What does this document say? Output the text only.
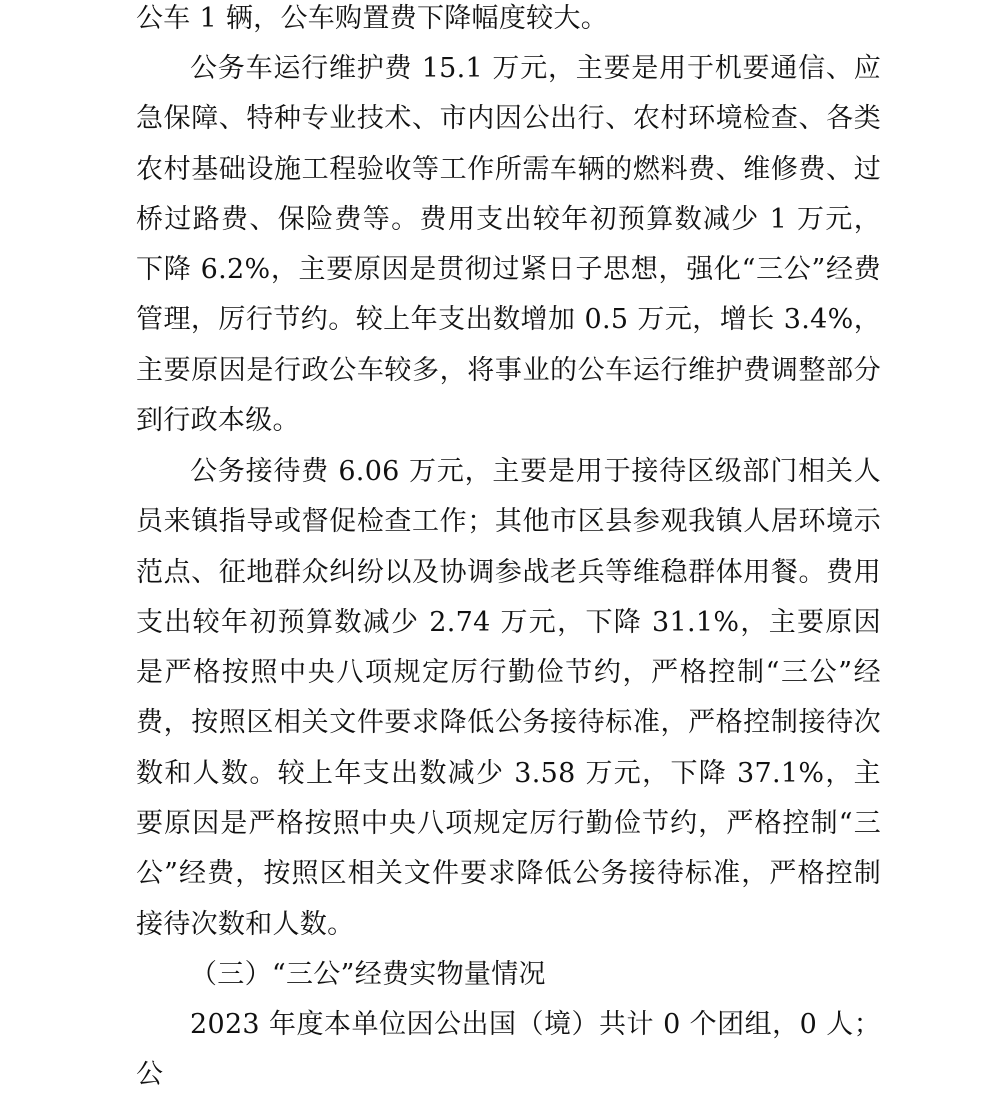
公车 1 辆，公车购置费下降幅度较大。

公务车运行维护费 15.1 万元，主要是用于机要通信、应急保障、特种专业技术、市内因公出行、农村环境检查、各类农村基础设施工程验收等工作所需车辆的燃料费、维修费、过桥过路费、保险费等。费用支出较年初预算数减少 1 万元，下降 6.2%，主要原因是贯彻过紧日子思想，强化“三公”经费管理，厉行节约。较上年支出数增加 0.5 万元，增长 3.4%，主要原因是行政公车较多，将事业的公车运行维护费调整部分到行政本级。

公务接待费 6.06 万元，主要是用于接待区级部门相关人员来镇指导或督促检查工作；其他市区县参观我镇人居环境示范点、征地群众纠纷以及协调参战老兵等维稳群体用餐。费用支出较年初预算数减少 2.74 万元，下降 31.1%，主要原因是严格按照中央八项规定厉行勤俭节约，严格控制“三公”经费，按照区相关文件要求降低公务接待标准，严格控制接待次数和人数。较上年支出数减少 3.58 万元，下降 37.1%，主要原因是严格按照中央八项规定厉行勤俭节约，严格控制“三公”经费，按照区相关文件要求降低公务接待标准，严格控制接待次数和人数。

（三）“三公”经费实物量情况

2023 年度本单位因公出国（境）共计 0 个团组，0 人；公
